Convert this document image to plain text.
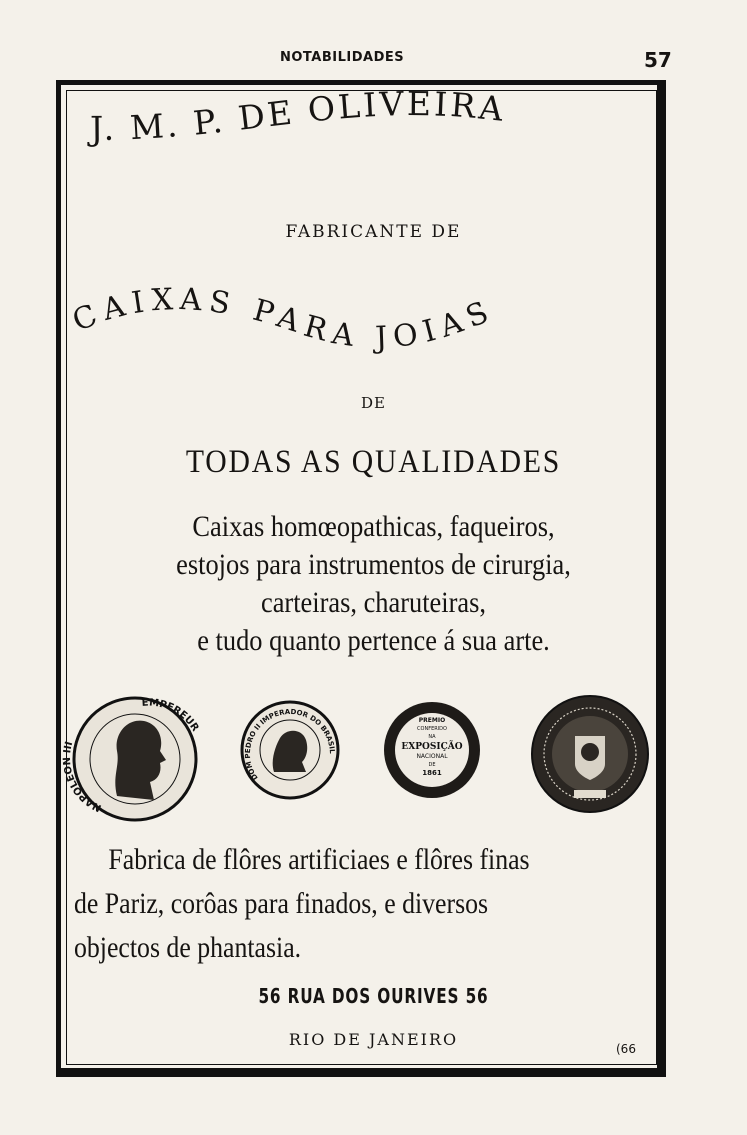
NOTABILIDADES	57
J. M. P. DE OLIVEIRA
FABRICANTE DE
CAIXAS PARA JOIAS
DE
TODAS AS QUALIDADES
Caixas homœopathicas, faqueiros,
estojos para instrumentos de cirurgia,
carteiras, charuteiras,
e tudo quanto pertence á sua arte.
NAPOLEON III
EMPEREUR
DOM PEDRO II IMPERADOR DO BRASIL
PREMIO
CONFERIDO
NA
EXPOSIÇÃO
NACIONAL
DE
1861
Fabrica de flôres artificiaes e flôres finas
de Pariz, corôas para finados, e diversos
objectos de phantasia.
56 RUA DOS OURIVES 56
RIO DE JANEIRO	(66
